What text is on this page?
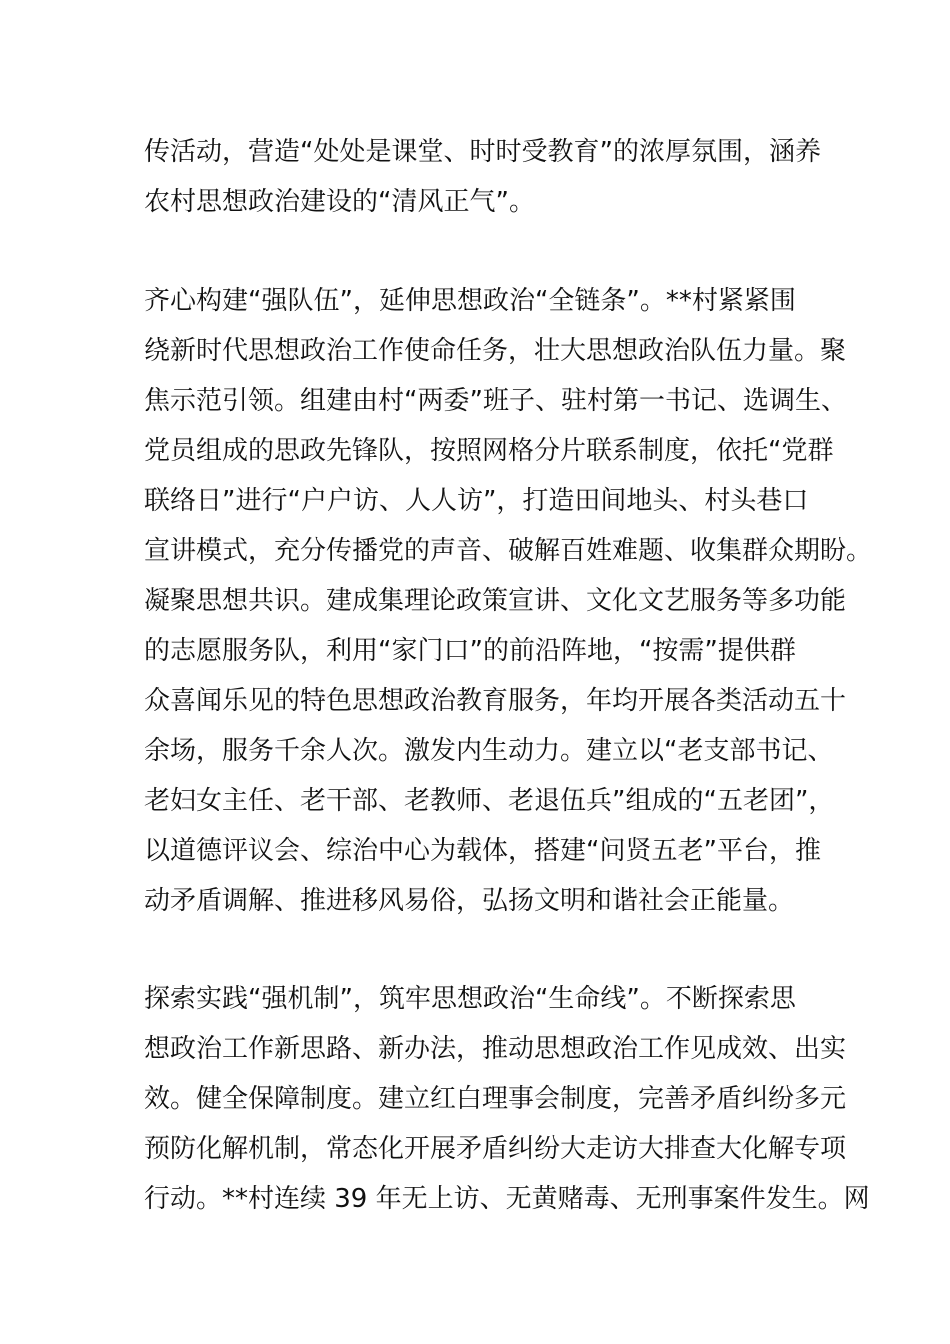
传活动，营造“处处是课堂、时时受教育”的浓厚氛围，涵养
农村思想政治建设的“清风正气”。
齐心构建“强队伍”，延伸思想政治“全链条”。**村紧紧围
绕新时代思想政治工作使命任务，壮大思想政治队伍力量。聚
焦示范引领。组建由村“两委”班子、驻村第一书记、选调生、
党员组成的思政先锋队，按照网格分片联系制度，依托“党群
联络日”进行“户户访、人人访”，打造田间地头、村头巷口
宣讲模式，充分传播党的声音、破解百姓难题、收集群众期盼。
凝聚思想共识。建成集理论政策宣讲、文化文艺服务等多功能
的志愿服务队，利用“家门口”的前沿阵地，“按需”提供群
众喜闻乐见的特色思想政治教育服务，年均开展各类活动五十
余场，服务千余人次。激发内生动力。建立以“老支部书记、
老妇女主任、老干部、老教师、老退伍兵”组成的“五老团”，
以道德评议会、综治中心为载体，搭建“问贤五老”平台，推
动矛盾调解、推进移风易俗，弘扬文明和谐社会正能量。
探索实践“强机制”，筑牢思想政治“生命线”。不断探索思
想政治工作新思路、新办法，推动思想政治工作见成效、出实
效。健全保障制度。建立红白理事会制度，完善矛盾纠纷多元
预防化解机制，常态化开展矛盾纠纷大走访大排查大化解专项
行动。**村连续 39 年无上访、无黄赌毒、无刑事案件发生。网
